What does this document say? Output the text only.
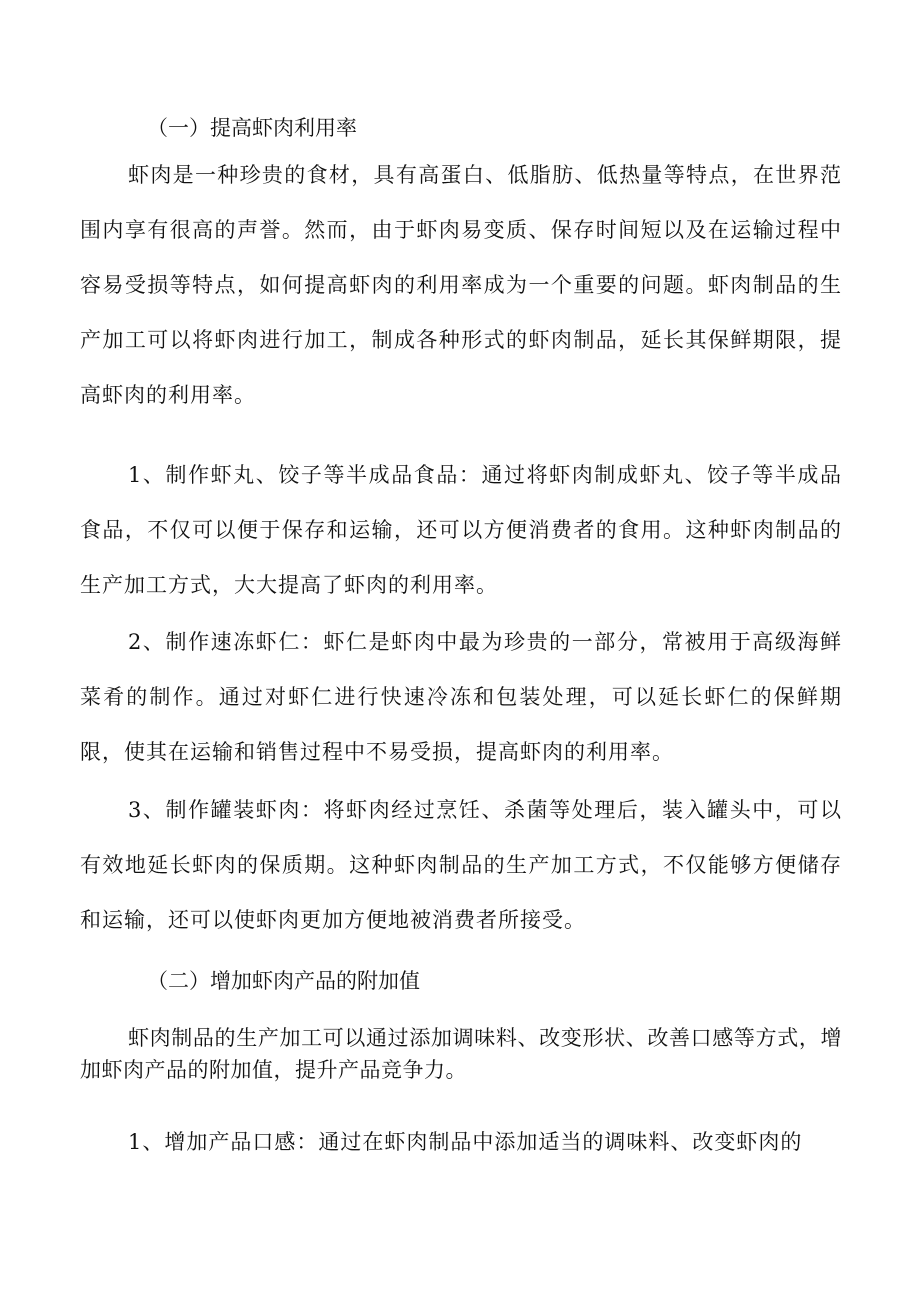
（一）提高虾肉利用率

虾肉是一种珍贵的食材，具有高蛋白、低脂肪、低热量等特点，在世界范围内享有很高的声誉。然而，由于虾肉易变质、保存时间短以及在运输过程中容易受损等特点，如何提高虾肉的利用率成为一个重要的问题。虾肉制品的生产加工可以将虾肉进行加工，制成各种形式的虾肉制品，延长其保鲜期限，提高虾肉的利用率。

1、制作虾丸、饺子等半成品食品：通过将虾肉制成虾丸、饺子等半成品食品，不仅可以便于保存和运输，还可以方便消费者的食用。这种虾肉制品的生产加工方式，大大提高了虾肉的利用率。

2、制作速冻虾仁：虾仁是虾肉中最为珍贵的一部分，常被用于高级海鲜菜肴的制作。通过对虾仁进行快速冷冻和包装处理，可以延长虾仁的保鲜期限，使其在运输和销售过程中不易受损，提高虾肉的利用率。

3、制作罐装虾肉：将虾肉经过烹饪、杀菌等处理后，装入罐头中，可以有效地延长虾肉的保质期。这种虾肉制品的生产加工方式，不仅能够方便储存和运输，还可以使虾肉更加方便地被消费者所接受。

（二）增加虾肉产品的附加值

虾肉制品的生产加工可以通过添加调味料、改变形状、改善口感等方式，增加虾肉产品的附加值，提升产品竞争力。

1、增加产品口感：通过在虾肉制品中添加适当的调味料、改变虾肉的
